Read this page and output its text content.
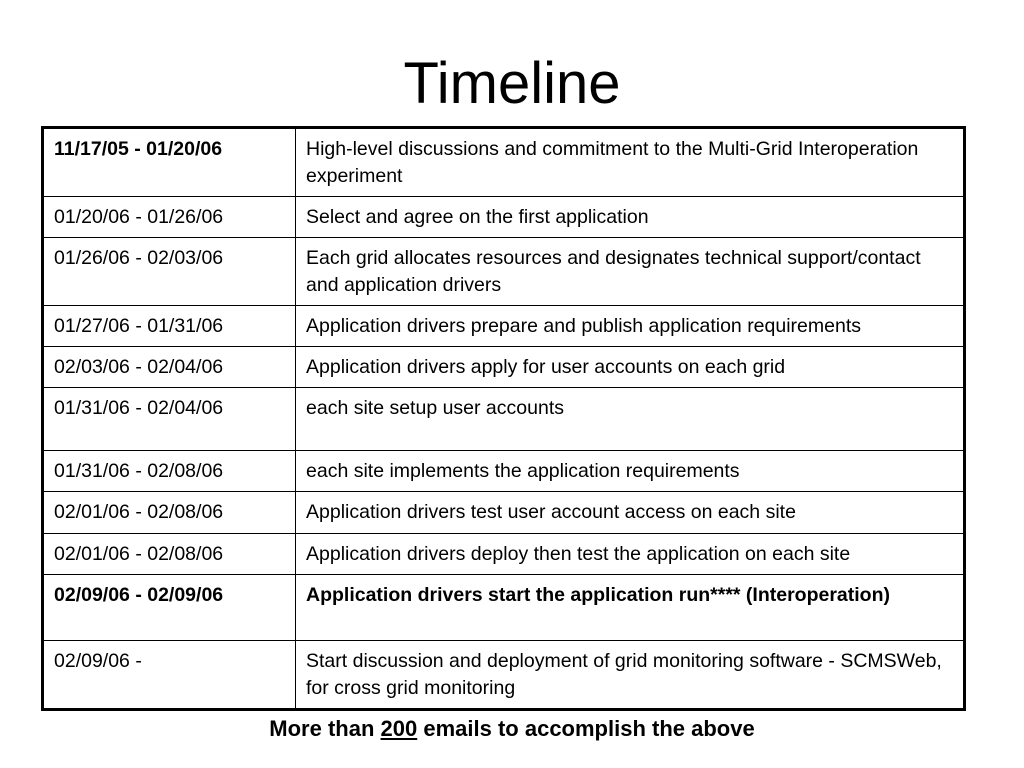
Timeline
11/17/05 - 01/20/06	High-level discussions and commitment to the Multi-Grid Interoperation experiment
01/20/06 - 01/26/06	Select and agree on the first application
01/26/06 - 02/03/06	Each grid allocates resources and designates technical support/contact and application drivers
01/27/06 - 01/31/06	Application drivers prepare and publish application requirements
02/03/06 - 02/04/06	Application drivers apply for user accounts on each grid
01/31/06 - 02/04/06	each site setup user accounts
01/31/06 - 02/08/06	each site implements the application requirements
02/01/06 - 02/08/06	Application drivers test user account access on each site
02/01/06 - 02/08/06	Application drivers deploy then test the application on each site
02/09/06 - 02/09/06	Application drivers start the application run**** (Interoperation)
02/09/06 -	Start discussion and deployment of grid monitoring software - SCMSWeb, for cross grid monitoring
More than 200 emails to accomplish the above
